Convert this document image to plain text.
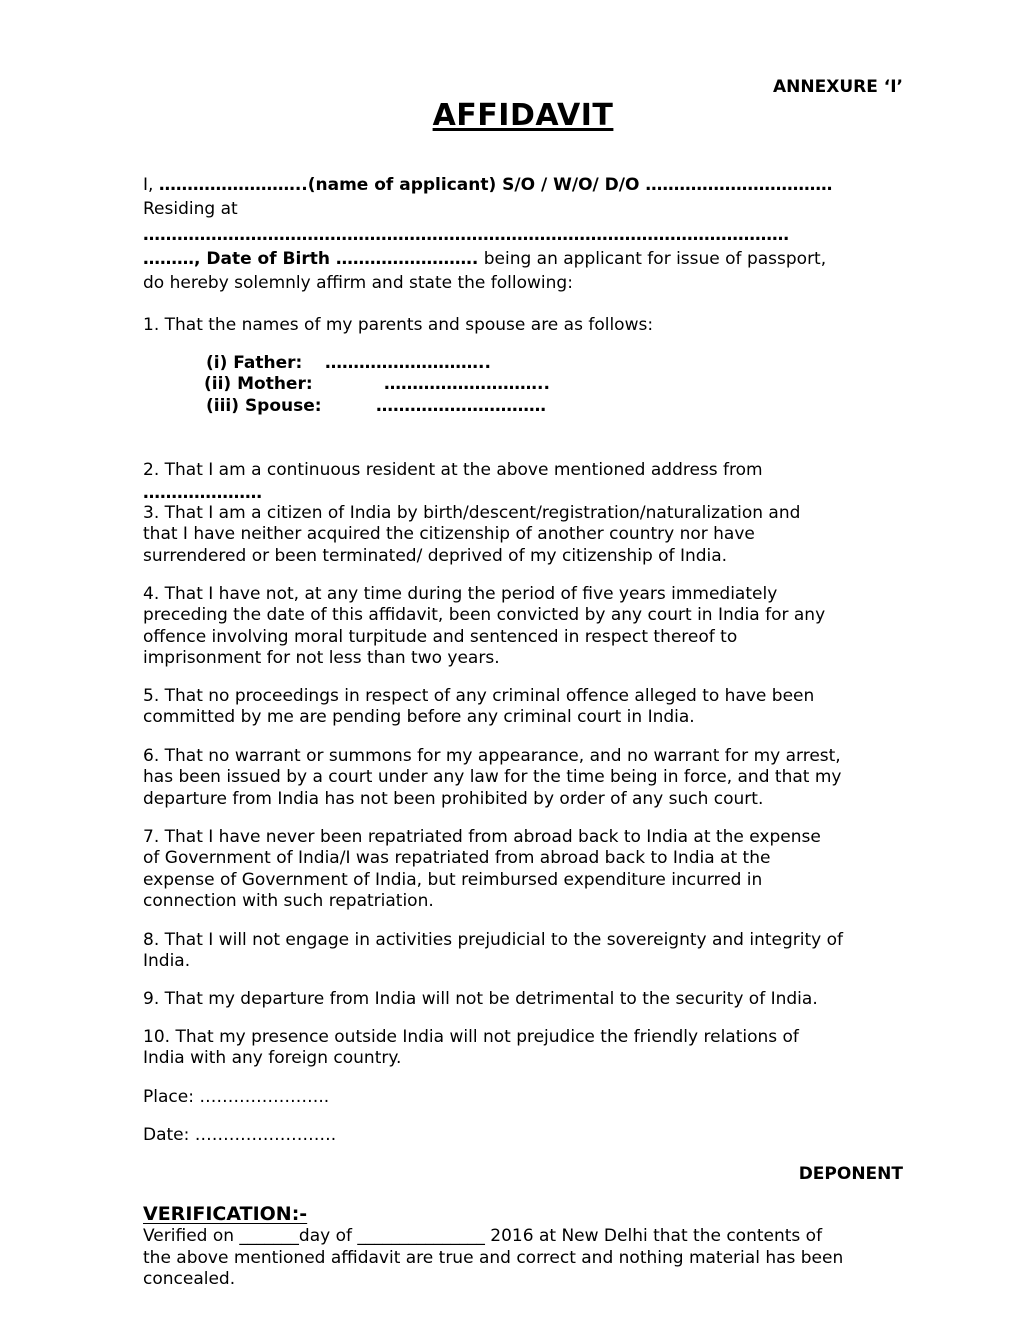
ANNEXURE ‘I’
AFFIDAVIT
I, ……………………..(name of applicant) S/O / W/O/ D/O ……………………………
Residing at
……………………………………………………………………………………………………
………, Date of Birth ……………………. being an applicant for issue of passport,
do hereby solemnly affirm and state the following:
1. That the names of my parents and spouse are as follows:
(i) Father: ………………………..
(ii) Mother:	………………………..
(iii) Spouse:	…………………………
2. That I am a continuous resident at the above mentioned address from
…………………
3. That I am a citizen of India by birth/descent/registration/naturalization and
that I have neither acquired the citizenship of another country nor have
surrendered or been terminated/ deprived of my citizenship of India.
4. That I have not, at any time during the period of five years immediately
preceding the date of this affidavit, been convicted by any court in India for any
offence involving moral turpitude and sentenced in respect thereof to
imprisonment for not less than two years.
5. That no proceedings in respect of any criminal offence alleged to have been
committed by me are pending before any criminal court in India.
6. That no warrant or summons for my appearance, and no warrant for my arrest,
has been issued by a court under any law for the time being in force, and that my
departure from India has not been prohibited by order of any such court.
7. That I have never been repatriated from abroad back to India at the expense
of Government of India/I was repatriated from abroad back to India at the
expense of Government of India, but reimbursed expenditure incurred in
connection with such repatriation.
8. That I will not engage in activities prejudicial to the sovereignty and integrity of
India.
9. That my departure from India will not be detrimental to the security of India.
10. That my presence outside India will not prejudice the friendly relations of
India with any foreign country.
Place: …………………..
Date: …………………….
DEPONENT
VERIFICATION:-
Verified on _______day of _______________ 2016 at New Delhi that the contents of
the above mentioned affidavit are true and correct and nothing material has been
concealed.
